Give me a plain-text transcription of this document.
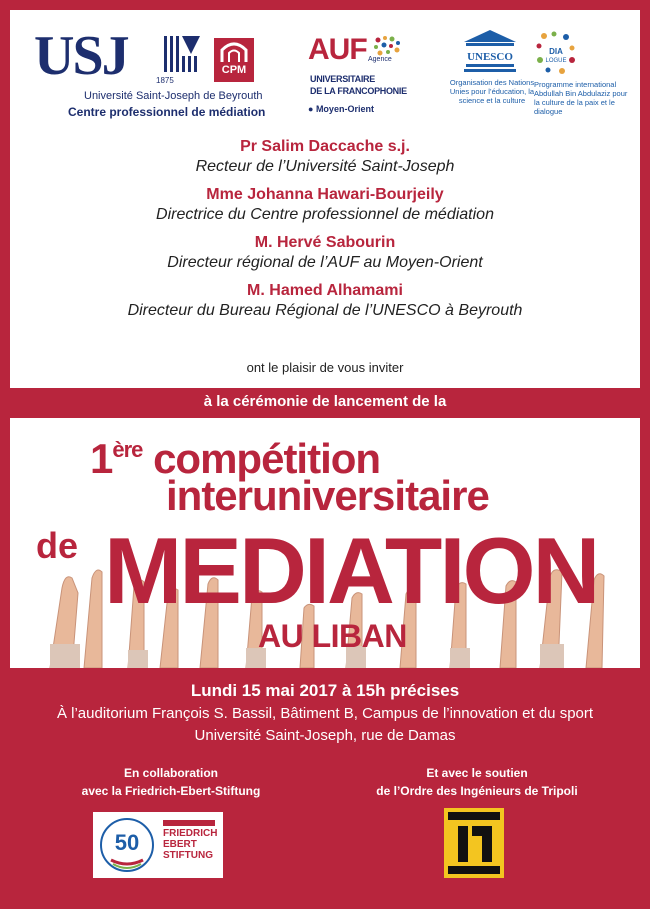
USJ	1875
CPM
Université Saint-Joseph de Beyrouth
Centre professionnel de médiation
AUF Agence
UNIVERSITAIRE
DE LA FRANCOPHONIE
● Moyen-Orient
UNESCO
Organisation des Nations Unies pour l’éducation, la science et la culture
DIA
LOGUE
Programme international Abdullah Bin Abdulaziz pour la culture de la paix et le dialogue
Pr Salim Daccache s.j.
Recteur de l’Université Saint-Joseph
Mme Johanna Hawari-Bourjeily
Directrice du Centre professionnel de médiation
M. Hervé Sabourin
Directeur régional de l’AUF au Moyen-Orient
M. Hamed Alhamami
Directeur du Bureau Régional de l’UNESCO à Beyrouth
ont le plaisir de vous inviter
à la cérémonie de lancement de la
1ère compétition
interuniversitaire
de MEDIATION
AU LIBAN
Lundi 15 mai 2017 à 15h précises
À l’auditorium François S. Bassil, Bâtiment B, Campus de l’innovation et du sport
Université Saint-Joseph, rue de Damas
En collaboration
avec la Friedrich-Ebert-Stiftung
Et avec le soutien
de l’Ordre des Ingénieurs de Tripoli
50 FRIEDRICH
EBERT
STIFTUNG
